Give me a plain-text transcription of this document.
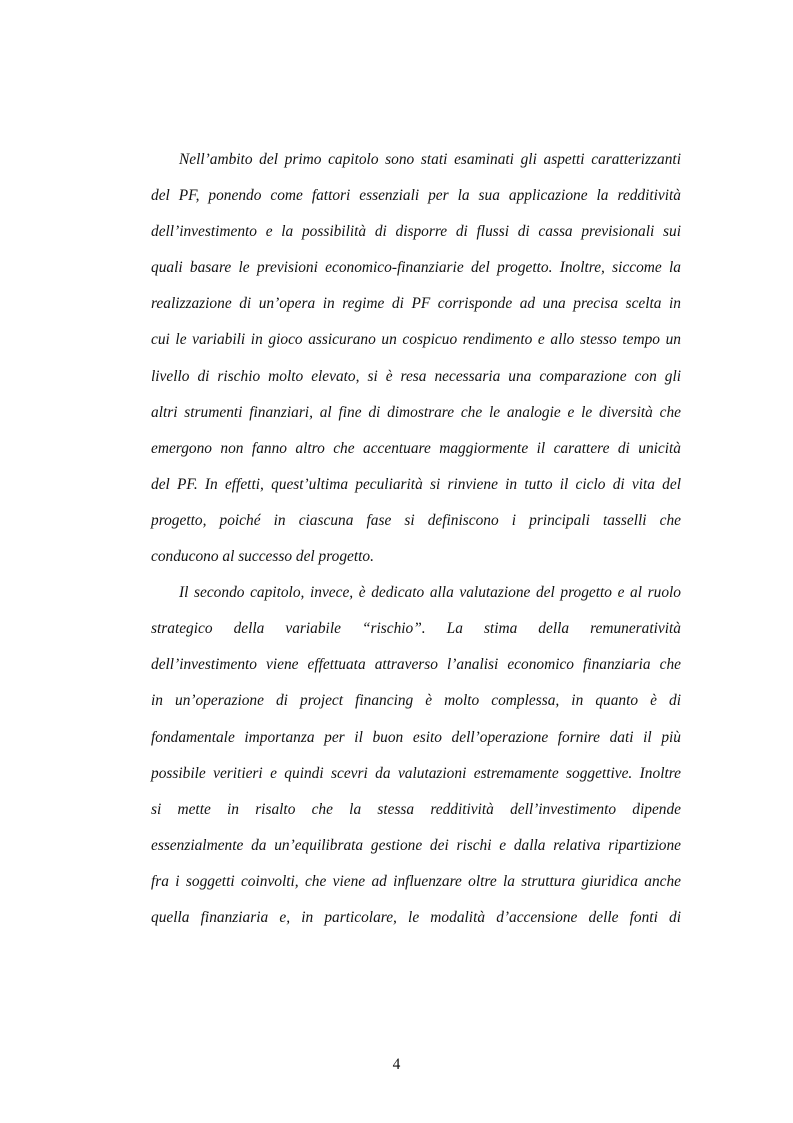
Nell’ambito del primo capitolo sono stati esaminati gli aspetti caratterizzanti
del PF, ponendo come fattori essenziali per la sua applicazione la redditività
dell’investimento e la possibilità di disporre di flussi di cassa previsionali sui
quali basare le previsioni economico-finanziarie del progetto. Inoltre, siccome la
realizzazione di un’opera in regime di PF corrisponde ad una precisa scelta in
cui le variabili in gioco assicurano un cospicuo rendimento e allo stesso tempo un
livello di rischio molto elevato, si è resa necessaria una comparazione con gli
altri strumenti finanziari, al fine di dimostrare che le analogie e le diversità che
emergono non fanno altro che accentuare maggiormente il carattere di unicità
del PF. In effetti, quest’ultima peculiarità si rinviene in tutto il ciclo di vita del
progetto, poiché in ciascuna fase si definiscono i principali tasselli che
conducono al successo del progetto.
Il secondo capitolo, invece, è dedicato alla valutazione del progetto e al ruolo
strategico della variabile “rischio”. La stima della remuneratività
dell’investimento viene effettuata attraverso l’analisi economico finanziaria che
in un’operazione di project financing è molto complessa, in quanto è di
fondamentale importanza per il buon esito dell’operazione fornire dati il più
possibile veritieri e quindi scevri da valutazioni estremamente soggettive. Inoltre
si mette in risalto che la stessa redditività dell’investimento dipende
essenzialmente da un’equilibrata gestione dei rischi e dalla relativa ripartizione
fra i soggetti coinvolti, che viene ad influenzare oltre la struttura giuridica anche
quella finanziaria e, in particolare, le modalità d’accensione delle fonti di
4
